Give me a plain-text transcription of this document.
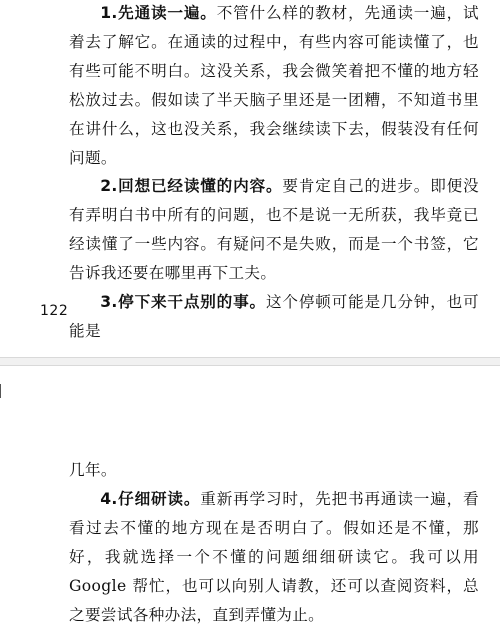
1.先通读一遍。不管什么样的教材，先通读一遍，试着去了解它。在通读的过程中，有些内容可能读懂了，也有些可能不明白。这没关系，我会微笑着把不懂的地方轻松放过去。假如读了半天脑子里还是一团糟，不知道书里在讲什么，这也没关系，我会继续读下去，假装没有任何问题。

2.回想已经读懂的内容。要肯定自己的进步。即便没有弄明白书中所有的问题，也不是说一无所获，我毕竟已经读懂了一些内容。有疑问不是失败，而是一个书签，它告诉我还要在哪里再下工夫。

3.停下来干点别的事。这个停顿可能是几分钟，也可能是

122

几年。

4.仔细研读。重新再学习时，先把书再通读一遍，看看过去不懂的地方现在是否明白了。假如还是不懂，那好，我就选择一个不懂的问题细细研读它。我可以用 Google 帮忙，也可以向别人请教，还可以查阅资料，总之要尝试各种办法，直到弄懂为止。
